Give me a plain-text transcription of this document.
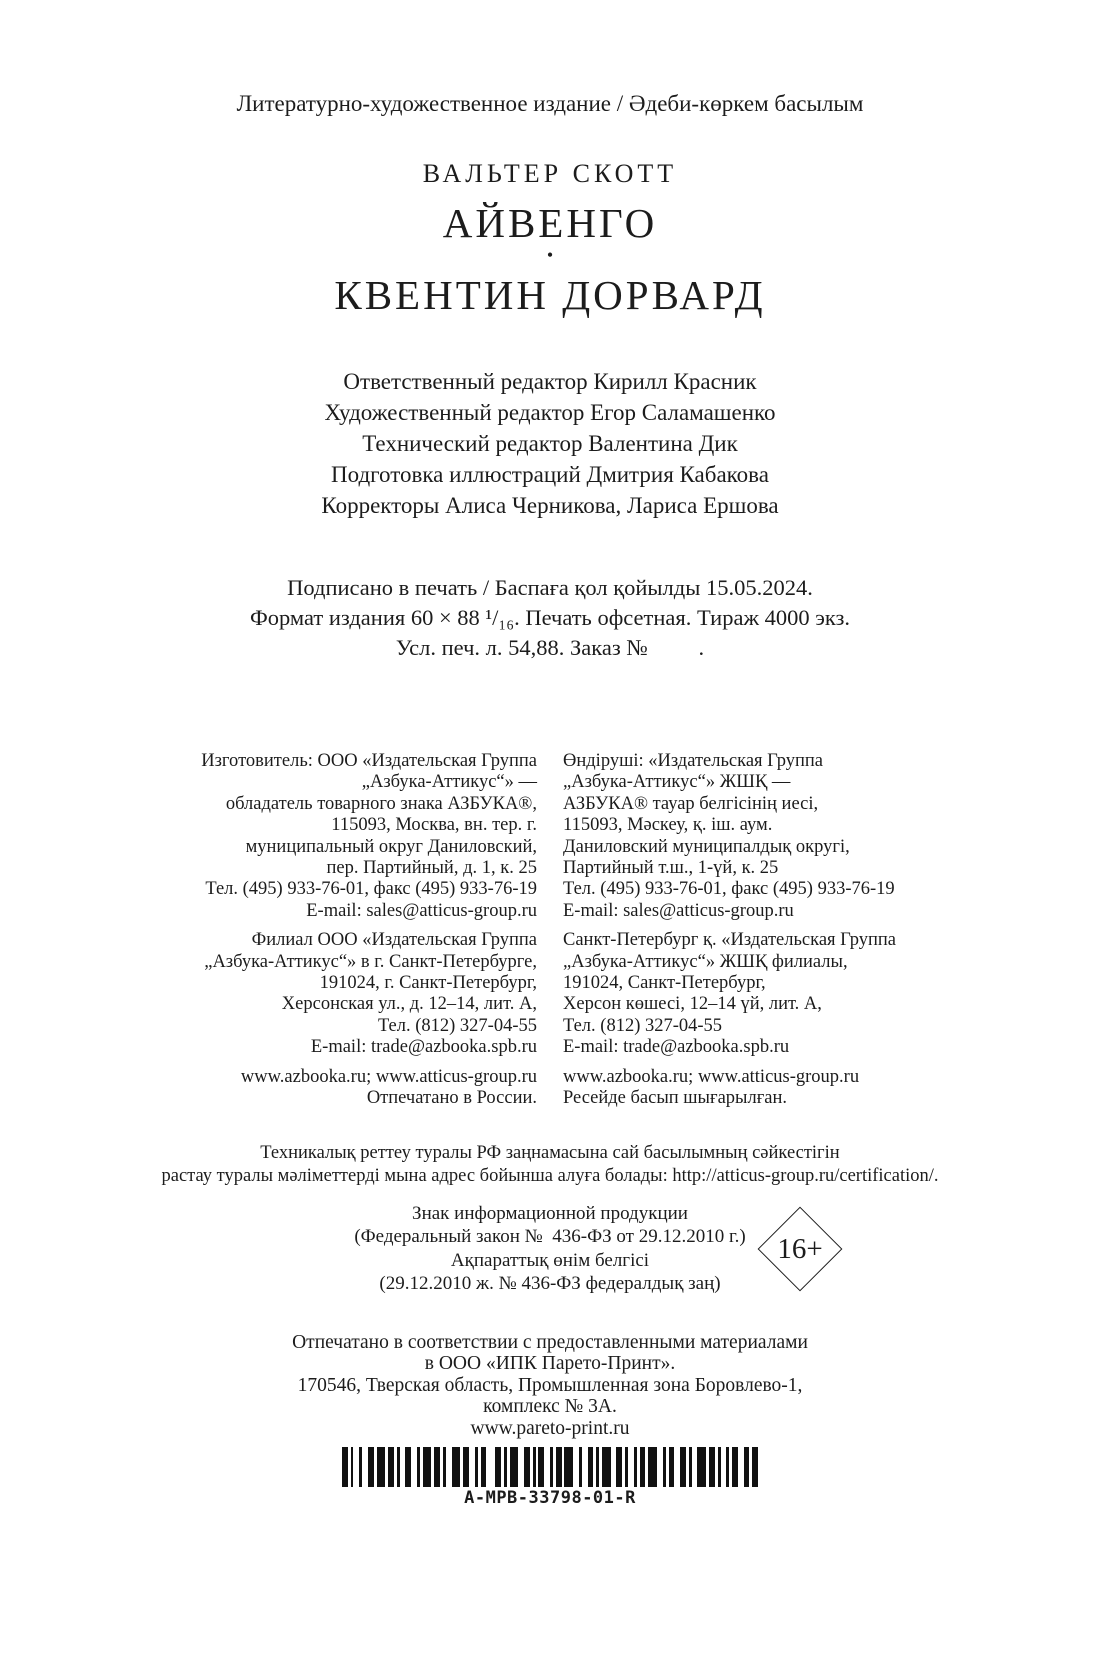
Литературно-художественное издание / Әдеби-көркем басылым
ВАЛЬТЕР СКОТТ
АЙВЕНГО
•
КВЕНТИН ДОРВАРД
Ответственный редактор Кирилл Красник
Художественный редактор Егор Саламашенко
Технический редактор Валентина Дик
Подготовка иллюстраций Дмитрия Кабакова
Корректоры Алиса Черникова, Лариса Ершова
Подписано в печать / Баспаға қол қойылды 15.05.2024.
Формат издания 60 × 88 ¹/₁₆. Печать офсетная. Тираж 4000 экз.
Усл. печ. л. 54,88. Заказ №         .
Изготовитель: ООО «Издательская Группа
„Азбука-Аттикус“» —
обладатель товарного знака АЗБУКА®,
115093, Москва, вн. тер. г.
муниципальный округ Даниловский,
пер. Партийный, д. 1, к. 25
Тел. (495) 933-76-01, факс (495) 933-76-19
E-mail: sales@atticus-group.ru
Филиал ООО «Издательская Группа
„Азбука-Аттикус“» в г. Санкт-Петербурге,
191024, г. Санкт-Петербург,
Херсонская ул., д. 12–14, лит. А,
Тел. (812) 327-04-55
E-mail: trade@azbooka.spb.ru
www.azbooka.ru; www.atticus-group.ru
Отпечатано в России.
Өндіруші: «Издательская Группа
„Азбука-Аттикус“» ЖШҚ —
АЗБУКА® тауар белгісінің иесі,
115093, Мәскеу, қ. іш. аум.
Даниловский муниципалдық округі,
Партийный т.ш., 1-үй, к. 25
Тел. (495) 933-76-01, факс (495) 933-76-19
E-mail: sales@atticus-group.ru
Санкт-Петербург қ. «Издательская Группа
„Азбука-Аттикус“» ЖШҚ филиалы,
191024, Санкт-Петербург,
Херсон көшесі, 12–14 үй, лит. А,
Тел. (812) 327-04-55
E-mail: trade@azbooka.spb.ru
www.azbooka.ru; www.atticus-group.ru
Ресейде басып шығарылған.
Техникалық реттеу туралы РФ заңнамасына сай басылымның сәйкестігін
растау туралы мәліметтерді мына адрес бойынша алуға болады: http://atticus-group.ru/certification/.
Знак информационной продукции
(Федеральный закон №  436-ФЗ от 29.12.2010 г.)
Ақпараттық өнім белгісі
(29.12.2010 ж. № 436-ФЗ федералдық заң)
16+
Отпечатано в соответствии с предоставленными материалами
в ООО «ИПК Парето-Принт».
170546, Тверская область, Промышленная зона Боровлево-1,
комплекс № 3А.
www.pareto-print.ru
A-MPB-33798-01-R
